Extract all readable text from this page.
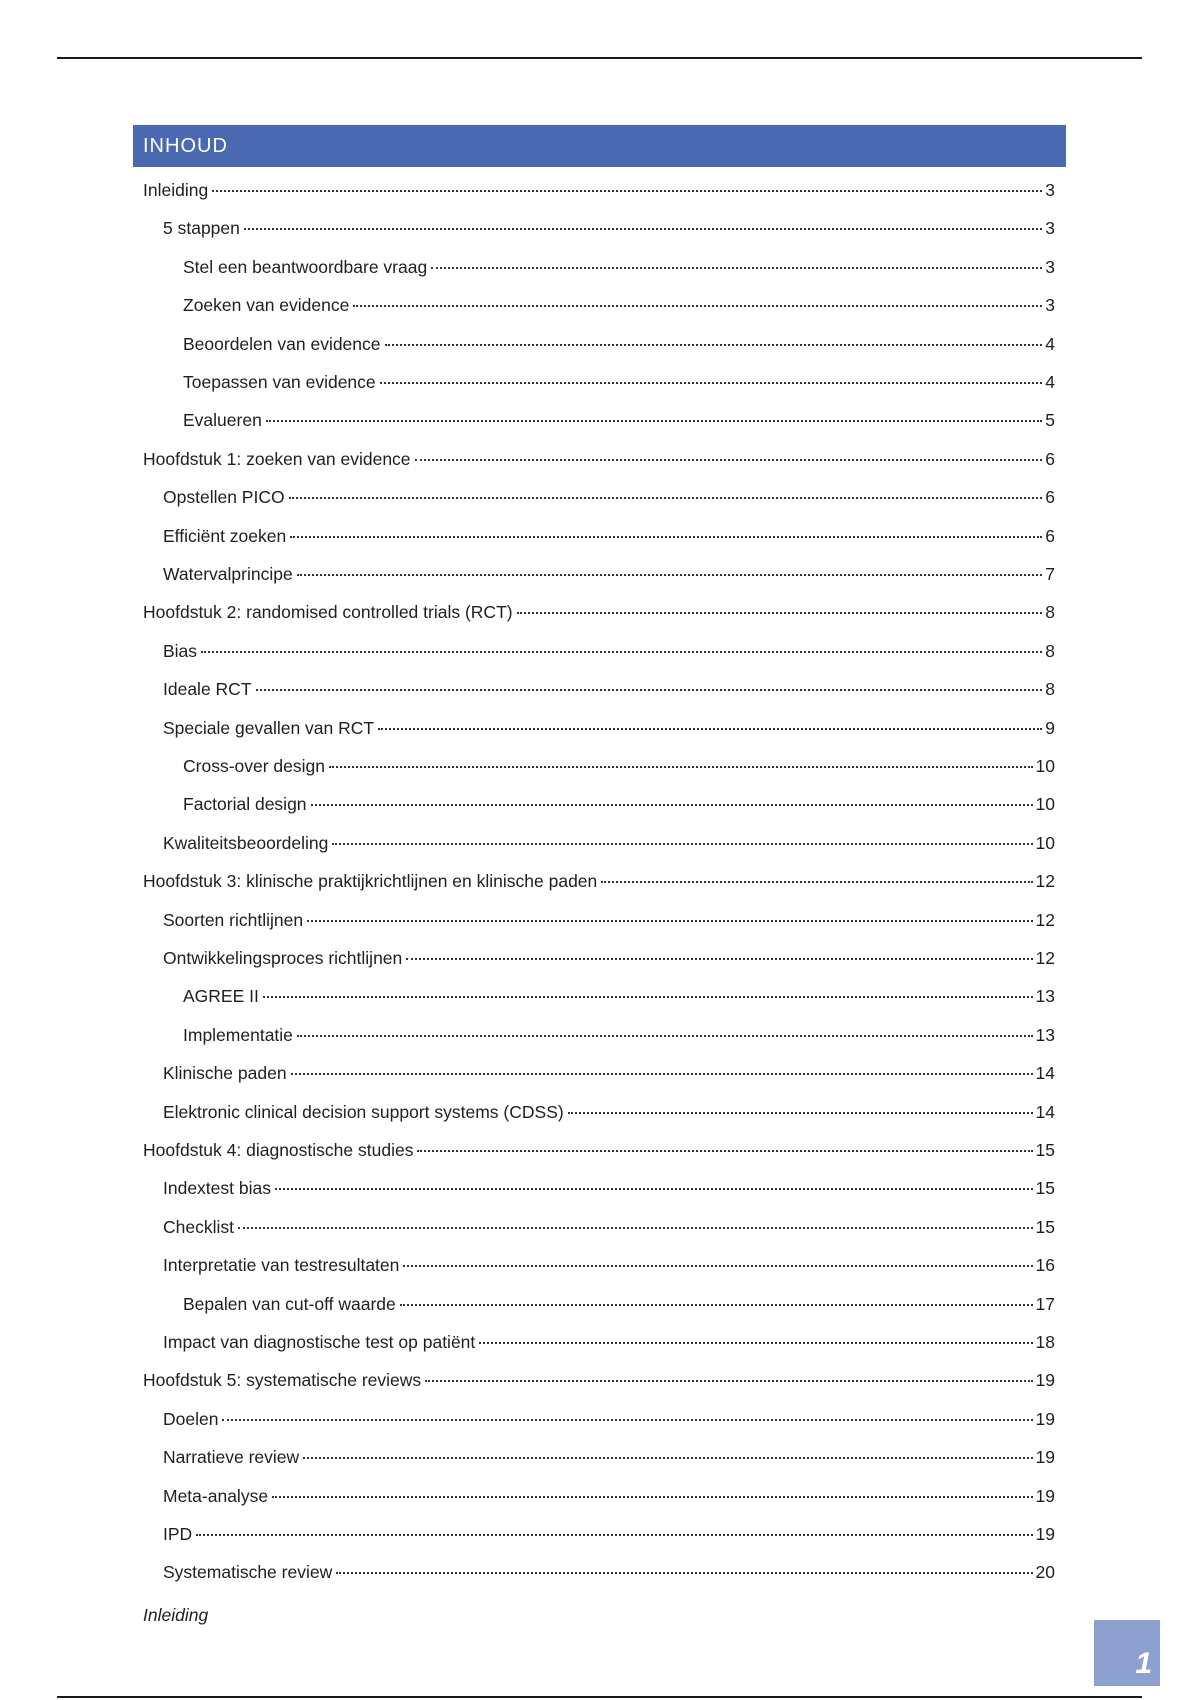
INHOUD
Inleiding	3
5 stappen	3
Stel een beantwoordbare vraag	3
Zoeken van evidence	3
Beoordelen van evidence	4
Toepassen van evidence	4
Evalueren	5
Hoofdstuk 1: zoeken van evidence	6
Opstellen PICO	6
Efficiënt zoeken	6
Watervalprincipe	7
Hoofdstuk 2: randomised controlled trials (RCT)	8
Bias	8
Ideale RCT	8
Speciale gevallen van RCT	9
Cross-over design	10
Factorial design	10
Kwaliteitsbeoordeling	10
Hoofdstuk 3: klinische praktijkrichtlijnen en klinische paden	12
Soorten richtlijnen	12
Ontwikkelingsproces richtlijnen	12
AGREE II	13
Implementatie	13
Klinische paden	14
Elektronic clinical decision support systems (CDSS)	14
Hoofdstuk 4: diagnostische studies	15
Indextest bias	15
Checklist	15
Interpretatie van testresultaten	16
Bepalen van cut-off waarde	17
Impact van diagnostische test op patiënt	18
Hoofdstuk 5: systematische reviews	19
Doelen	19
Narratieve review	19
Meta-analyse	19
IPD	19
Systematische review	20
Inleiding
1
